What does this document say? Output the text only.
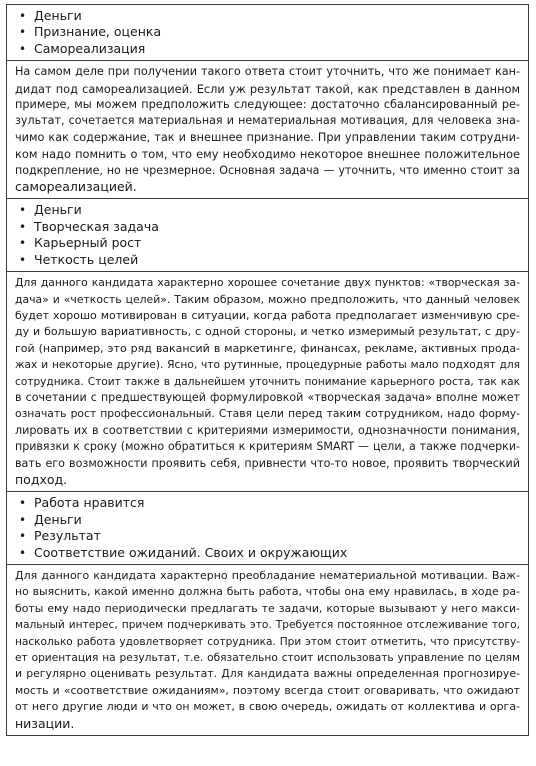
• Деньги
• Признание, оценка
• Самореализация

На самом деле при получении такого ответа стоит уточнить, что же понимает кан-
дидат под самореализацией. Если уж результат такой, как представлен в данном
примере, мы можем предположить следующее: достаточно сбалансированный ре-
зультат, сочетается материальная и нематериальная мотивация, для человека зна-
чимо как содержание, так и внешнее признание. При управлении таким сотрудни-
ком надо помнить о том, что ему необходимо некоторое внешнее положительное
подкрепление, но не чрезмерное. Основная задача — уточнить, что именно стоит за
самореализацией.

• Деньги
• Творческая задача
• Карьерный рост
• Четкость целей

Для данного кандидата характерно хорошее сочетание двух пунктов: «творческая за-
дача» и «четкость целей». Таким образом, можно предположить, что данный человек
будет хорошо мотивирован в ситуации, когда работа предполагает изменчивую сре-
ду и большую вариативность, с одной стороны, и четко измеримый результат, с дру-
гой (например, это ряд вакансий в маркетинге, финансах, рекламе, активных прода-
жах и некоторые другие). Ясно, что рутинные, процедурные работы мало подходят для
сотрудника. Стоит также в дальнейшем уточнить понимание карьерного роста, так как
в сочетании с предшествующей формулировкой «творческая задача» вполне может
означать рост профессиональный. Ставя цели перед таким сотрудником, надо форму-
лировать их в соответствии с критериями измеримости, однозначности понимания,
привязки к сроку (можно обратиться к критериям SMART — цели, а также подчерки-
вать его возможности проявить себя, привнести что-то новое, проявить творческий
подход.

• Работа нравится
• Деньги
• Результат
• Соответствие ожиданий. Своих и окружающих

Для данного кандидата характерно преобладание нематериальной мотивации. Важ-
но выяснить, какой именно должна быть работа, чтобы она ему нравилась, в ходе ра-
боты ему надо периодически предлагать те задачи, которые вызывают у него макси-
мальный интерес, причем подчеркивать это. Требуется постоянное отслеживание того,
насколько работа удовлетворяет сотрудника. При этом стоит отметить, что присутству-
ет ориентация на результат, т.е. обязательно стоит использовать управление по целям
и регулярно оценивать результат. Для кандидата важны определенная прогнозируе-
мость и «соответствие ожиданиям», поэтому всегда стоит оговаривать, что ожидают
от него другие люди и что он может, в свою очередь, ожидать от коллектива и орга-
низации.
